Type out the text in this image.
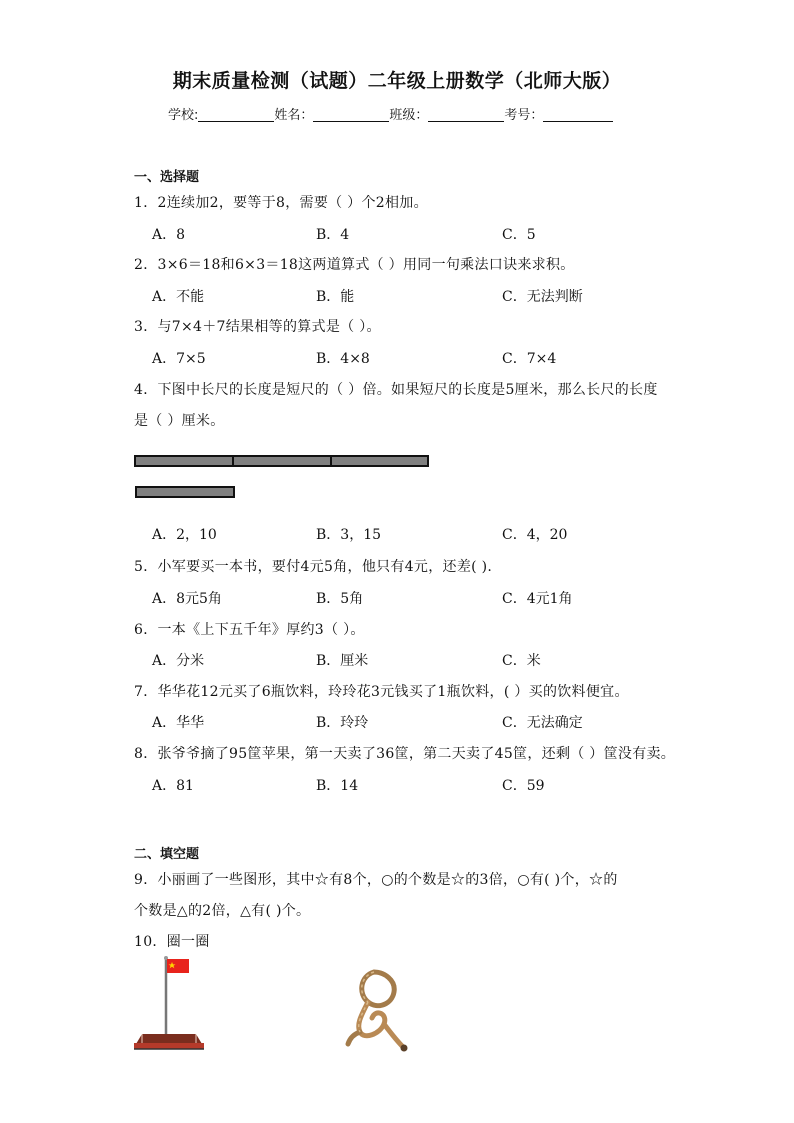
期末质量检测（试题）二年级上册数学（北师大版）
学校:	姓名：	班级：	考号：
一、选择题
1．2连续加2，要等于8，需要（ ）个2相加。
A．8	B．4	C．5
2．3×6＝18和6×3＝18这两道算式（ ）用同一句乘法口诀来求积。
A．不能	B．能	C．无法判断
3．与7×4＋7结果相等的算式是（ ）。
A．7×5	B．4×8	C．7×4
4．下图中长尺的长度是短尺的（ ）倍。如果短尺的长度是5厘米，那么长尺的长度
是（ ）厘米。
A．2，10	B．3，15	C．4，20
5．小军要买一本书，要付4元5角，他只有4元，还差( ).
A．8元5角	B．5角	C．4元1角
6．一本《上下五千年》厚约3（ ）。
A．分米	B．厘米	C．米
7．华华花12元买了6瓶饮料，玲玲花3元钱买了1瓶饮料，( ）买的饮料便宜。
A．华华	B．玲玲	C．无法确定
8．张爷爷摘了95筐苹果，第一天卖了36筐，第二天卖了45筐，还剩（ ）筐没有卖。
A．81	B．14	C．59
二、填空题
9．小丽画了一些图形，其中☆有8个，○的个数是☆的3倍，○有( )个，☆的
个数是△的2倍，△有( )个。
10．圈一圈
